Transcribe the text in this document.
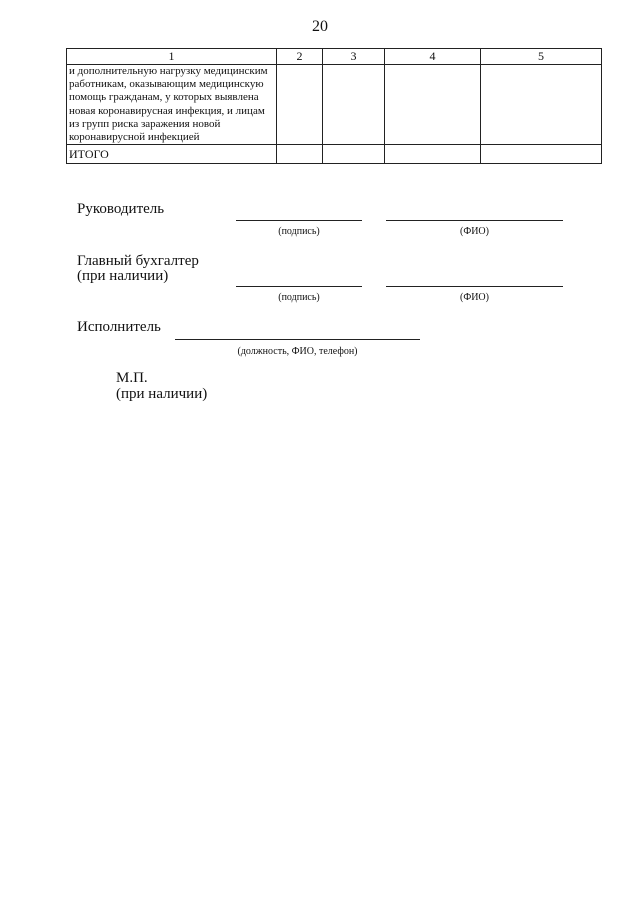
20
1	2	3	4	5
и дополнительную нагрузку медицинским работникам, оказывающим медицинскую помощь гражданам, у которых выявлена новая коронавирусная инфекция, и лицам из групп риска заражения новой коронавирусной инфекцией				
ИТОГО				
Руководитель
(подпись)	(ФИО)
Главный бухгалтер
(при наличии)
(подпись)	(ФИО)
Исполнитель
(должность, ФИО, телефон)
М.П.
(при наличии)
